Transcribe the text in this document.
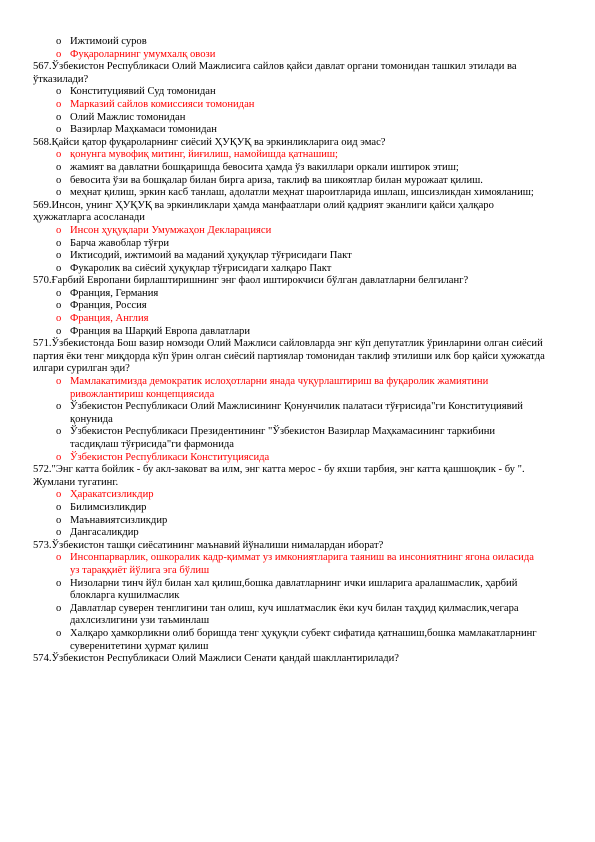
o Ижтимоий суров
o Фуқароларнинг умумхалқ овози
567.Ўзбекистон Республикаси Олий Мажлисига сайлов қайси давлат органи томонидан ташкил этилади ва ўтказилади?
o Конституциявий Суд томонидан
o Марказий сайлов комиссияси томонидан
o Олий Мажлис томонидан
o Вазирлар Маҳкамаси томонидан
568.Қайси қатор фуқароларнинг сиёсий ҲУҚУҚ ва эркинликларига оид эмас?
o қонунга мувофиқ митинг, йиғилиш, намойишда қатнашиш;
o жамият ва давлатни бошқаришда бевосита ҳамда ўз вакиллари оркали иштирок этиш;
o бевосита ўзи ва бошқалар билан бирга ариза, таклиф ва шикоятлар билан мурожаат қилиш.
o меҳнат қилиш, эркин касб танлаш, адолатли меҳнат шароитларида ишлаш, ишсизликдан химояланиш;
569.Инсон, унинг ҲУҚУҚ ва эркинликлари ҳамда манфаатлари олий қадрият эканлиги қайси ҳалқаро ҳужжатларга асосланади
o Инсон ҳуқуқлари Умумжаҳон Декларацияси
o Барча жавоблар тўғри
o Иктисодий, ижтимоий ва маданий ҳуқуқлар тўғрисидаги Пакт
o Фукаролик ва сиёсий ҳуқуқлар тўғрисидаги халқаро Пакт
570.Ғарбий Европани бирлаштиришнинг энг фаол иштирокчиси бўлган давлатларни белгиланг?
o Франция, Германия
o Франция, Россия
o Франция, Англия
o Франция ва Шарқий Европа давлатлари
571.Ўзбекистонда Бош вазир номзоди Олий Мажлиси сайловларда энг кўп депутатлик ўринларини олган сиёсий партия ёки тенг миқдорда кўп ўрин олган сиёсий партиялар томонидан таклиф этилиши илк бор қайси ҳужжатда илгари сурилган эди?
o Мамлакатимизда демократик ислоҳотларни янада чуқурлаштириш ва фуқаролик жамиятини ривожлантириш концепциясида
o Ўзбекистон Республикаси Олий Мажлисининг Қонунчилик палатаси тўғрисида"ги Конституциявий қонунида
o Ўзбекистон Республикаси Президентининг "Ўзбекистон Вазирлар Маҳкамасининг таркибини тасдиқлаш тўғрисида"ги фармонида
o Ўзбекистон Республикаси Конституциясида
572."Энг катта бойлик - бу акл-заковат ва илм, энг катта мерос - бу яхши тарбия, энг катта қашшоқлик - бу ". Жумлани тугатинг.
o Ҳаракатсизликдир
o Билимсизликдир
o Маънавиятсизликдир
o Дангасаликдир
573.Ўзбекистон ташқи сиёсатининг маънавий йўналиши нималардан иборат?
o Инсонпарварлик, ошкоралик кадр-қиммат уз имкониятларига таяниш ва инсониятнинг ягона оиласида уз тараққиёт йўлига эга бўлиш
o Низоларни тинч йўл билан хал қилиш,бошка давлатларнинг ички ишларига аралашмаслик, ҳарбий блокларга кушилмаслик
o Давлатлар суверен тенглигини тан олиш, куч ишлатмаслик ёки куч билан таҳдид қилмаслик,чегара дахлсизлигини узи таъминлаш
o Халқаро ҳамкорликни олиб боришда тенг ҳуқуқли субект сифатида қатнашиш,бошка мамлакатларнинг суверенитетини ҳурмат қилиш
574.Ўзбекистон Республикаси Олий Мажлиси Сенати қандай шакллантирилади?
